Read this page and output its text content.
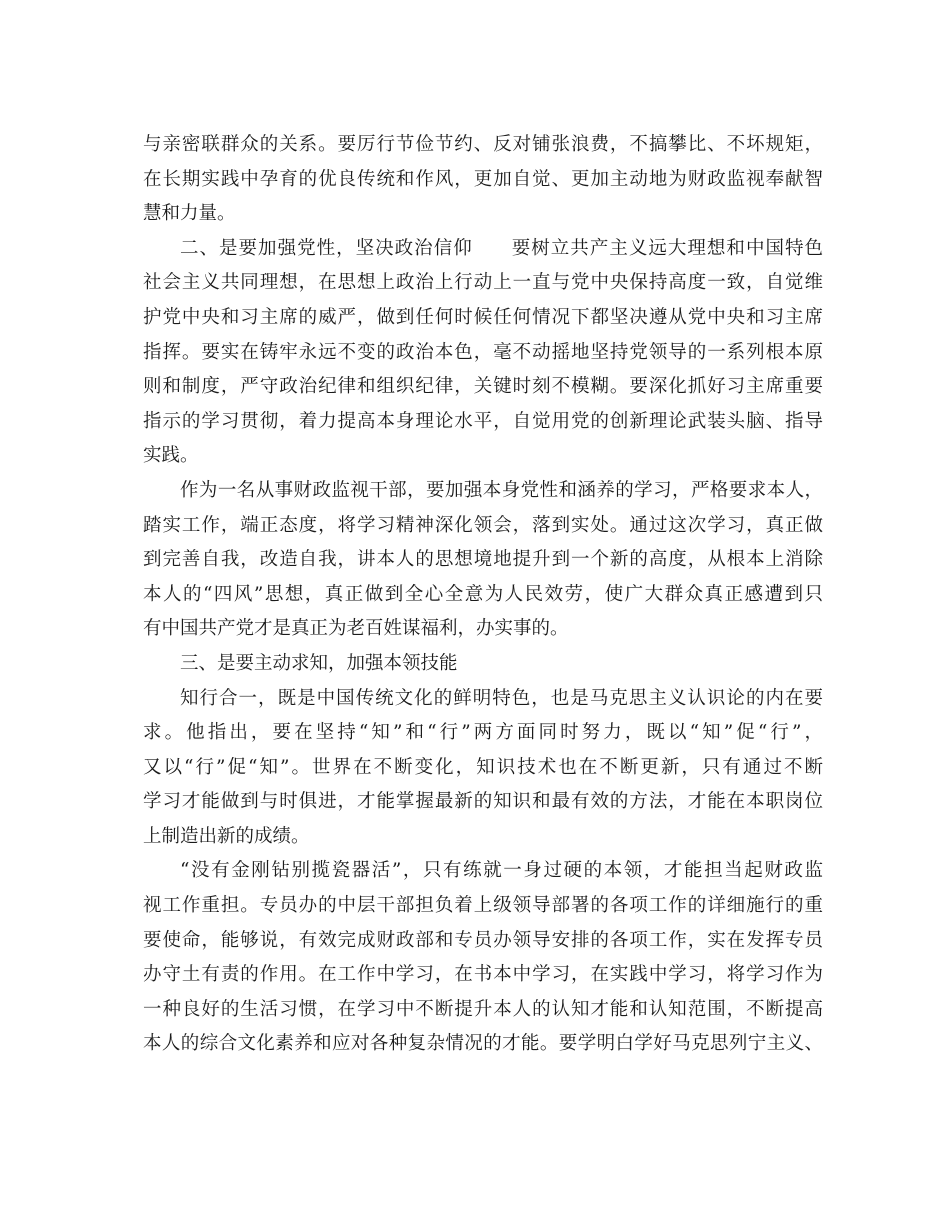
与亲密联群众的关系。要厉行节俭节约、反对铺张浪费，不搞攀比、不坏规矩，
在长期实践中孕育的优良传统和作风，更加自觉、更加主动地为财政监视奉献智
慧和力量。
二、是要加强党性，坚决政治信仰　　要树立共产主义远大理想和中国特色
社会主义共同理想，在思想上政治上行动上一直与党中央保持高度一致，自觉维
护党中央和习主席的威严，做到任何时候任何情况下都坚决遵从党中央和习主席
指挥。要实在铸牢永远不变的政治本色，毫不动摇地坚持党领导的一系列根本原
则和制度，严守政治纪律和组织纪律，关键时刻不模糊。要深化抓好习主席重要
指示的学习贯彻，着力提高本身理论水平，自觉用党的创新理论武装头脑、指导
实践。
作为一名从事财政监视干部，要加强本身党性和涵养的学习，严格要求本人，
踏实工作，端正态度，将学习精神深化领会，落到实处。通过这次学习，真正做
到完善自我，改造自我，讲本人的思想境地提升到一个新的高度，从根本上消除
本人的“四风”思想，真正做到全心全意为人民效劳，使广大群众真正感遭到只
有中国共产党才是真正为老百姓谋福利，办实事的。
三、是要主动求知，加强本领技能
知行合一，既是中国传统文化的鲜明特色，也是马克思主义认识论的内在要
求。他指出，要在坚持“知”和“行”两方面同时努力，既以“知”促“行”，
又以“行”促“知”。世界在不断变化，知识技术也在不断更新，只有通过不断
学习才能做到与时俱进，才能掌握最新的知识和最有效的方法，才能在本职岗位
上制造出新的成绩。
“没有金刚钻别揽瓷器活”，只有练就一身过硬的本领，才能担当起财政监
视工作重担。专员办的中层干部担负着上级领导部署的各项工作的详细施行的重
要使命，能够说，有效完成财政部和专员办领导安排的各项工作，实在发挥专员
办守土有责的作用。在工作中学习，在书本中学习，在实践中学习，将学习作为
一种良好的生活习惯，在学习中不断提升本人的认知才能和认知范围，不断提高
本人的综合文化素养和应对各种复杂情况的才能。要学明白学好马克思列宁主义、
